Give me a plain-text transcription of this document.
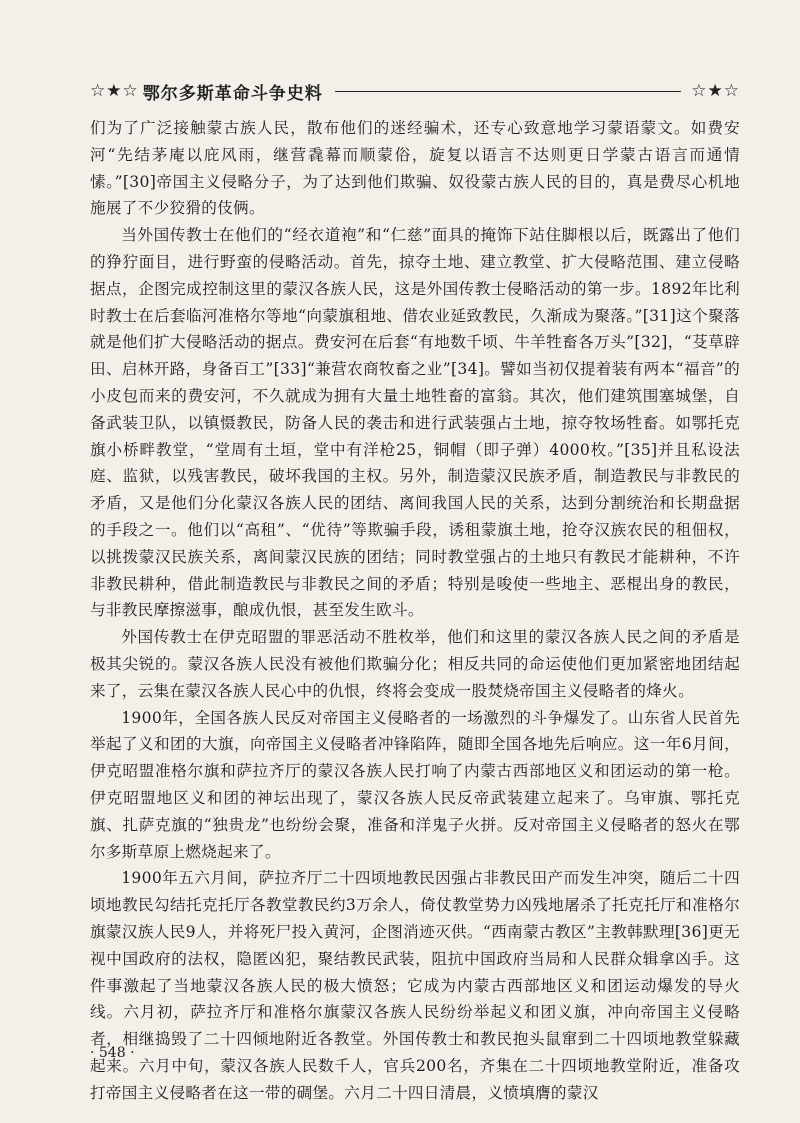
☆★☆ 鄂尔多斯革命斗争史料	☆★☆

们为了广泛接触蒙古族人民，散布他们的迷经骗术，还专心致意地学习蒙语蒙文。如费安河“先结茅庵以庇风雨，继营毳幕而顺蒙俗，旋复以语言不达则更日学蒙古语言而通情愫。”[30]帝国主义侵略分子，为了达到他们欺骗、奴役蒙古族人民的目的，真是费尽心机地施展了不少狡猾的伎俩。

当外国传教士在他们的“经衣道袍”和“仁慈”面具的掩饰下站住脚根以后，既露出了他们的狰狞面目，进行野蛮的侵略活动。首先，掠夺土地、建立教堂、扩大侵略范围、建立侵略据点，企图完成控制这里的蒙汉各族人民，这是外国传教士侵略活动的第一步。1892年比利时教士在后套临河准格尔等地“向蒙旗租地、借农业延致教民，久渐成为聚落。”[31]这个聚落就是他们扩大侵略活动的据点。费安河在后套“有地数千顷、牛羊牲畜各万头”[32]，“芟草辟田、启林开路，身备百工”[33]“兼营农商牧畜之业”[34]。譬如当初仅提着装有两本“福音”的小皮包而来的费安河，不久就成为拥有大量土地牲畜的富翁。其次，他们建筑围塞城堡，自备武装卫队，以镇慑教民，防备人民的袭击和进行武装强占土地，掠夺牧场牲畜。如鄂托克旗小桥畔教堂，“堂周有土垣，堂中有洋枪25，铜帽（即子弹）4000枚。”[35]并且私设法庭、监狱，以残害教民，破坏我国的主权。另外，制造蒙汉民族矛盾，制造教民与非教民的矛盾，又是他们分化蒙汉各族人民的团结、离间我国人民的关系，达到分割统治和长期盘据的手段之一。他们以“高租”、“优待”等欺骗手段，诱租蒙旗土地，抢夺汉族农民的租佃权，以挑拨蒙汉民族关系，离间蒙汉民族的团结；同时教堂强占的土地只有教民才能耕种，不许非教民耕种，借此制造教民与非教民之间的矛盾；特别是唆使一些地主、恶棍出身的教民，与非教民摩擦滋事，酿成仇恨，甚至发生欧斗。

外国传教士在伊克昭盟的罪恶活动不胜枚举，他们和这里的蒙汉各族人民之间的矛盾是极其尖锐的。蒙汉各族人民没有被他们欺骗分化；相反共同的命运使他们更加紧密地团结起来了，云集在蒙汉各族人民心中的仇恨，终将会变成一股焚烧帝国主义侵略者的烽火。

1900年，全国各族人民反对帝国主义侵略者的一场激烈的斗争爆发了。山东省人民首先举起了义和团的大旗，向帝国主义侵略者冲锋陷阵，随即全国各地先后响应。这一年6月间，伊克昭盟准格尔旗和萨拉齐厅的蒙汉各族人民打响了内蒙古西部地区义和团运动的第一枪。伊克昭盟地区义和团的神坛出现了，蒙汉各族人民反帝武装建立起来了。乌审旗、鄂托克旗、扎萨克旗的“独贵龙”也纷纷会聚，准备和洋鬼子火拼。反对帝国主义侵略者的怒火在鄂尔多斯草原上燃烧起来了。

1900年五六月间，萨拉齐厅二十四顷地教民因强占非教民田产而发生冲突，随后二十四顷地教民勾结托克托厅各教堂教民约3万余人，倚仗教堂势力凶残地屠杀了托克托厅和准格尔旗蒙汉族人民9人，并将死尸投入黄河，企图消迹灭供。“西南蒙古教区”主教韩默理[36]更无视中国政府的法权，隐匿凶犯，聚结教民武装，阻抗中国政府当局和人民群众辑拿凶手。这件事激起了当地蒙汉各族人民的极大愤怒；它成为内蒙古西部地区义和团运动爆发的导火线。六月初，萨拉齐厅和准格尔旗蒙汉各族人民纷纷举起义和团义旗，冲向帝国主义侵略者，相继捣毁了二十四倾地附近各教堂。外国传教士和教民抱头鼠窜到二十四顷地教堂躲藏起来。六月中旬，蒙汉各族人民数千人，官兵200名，齐集在二十四顷地教堂附近，准备攻打帝国主义侵略者在这一带的碉堡。六月二十四日清晨，义愤填膺的蒙汉

· 548 ·
